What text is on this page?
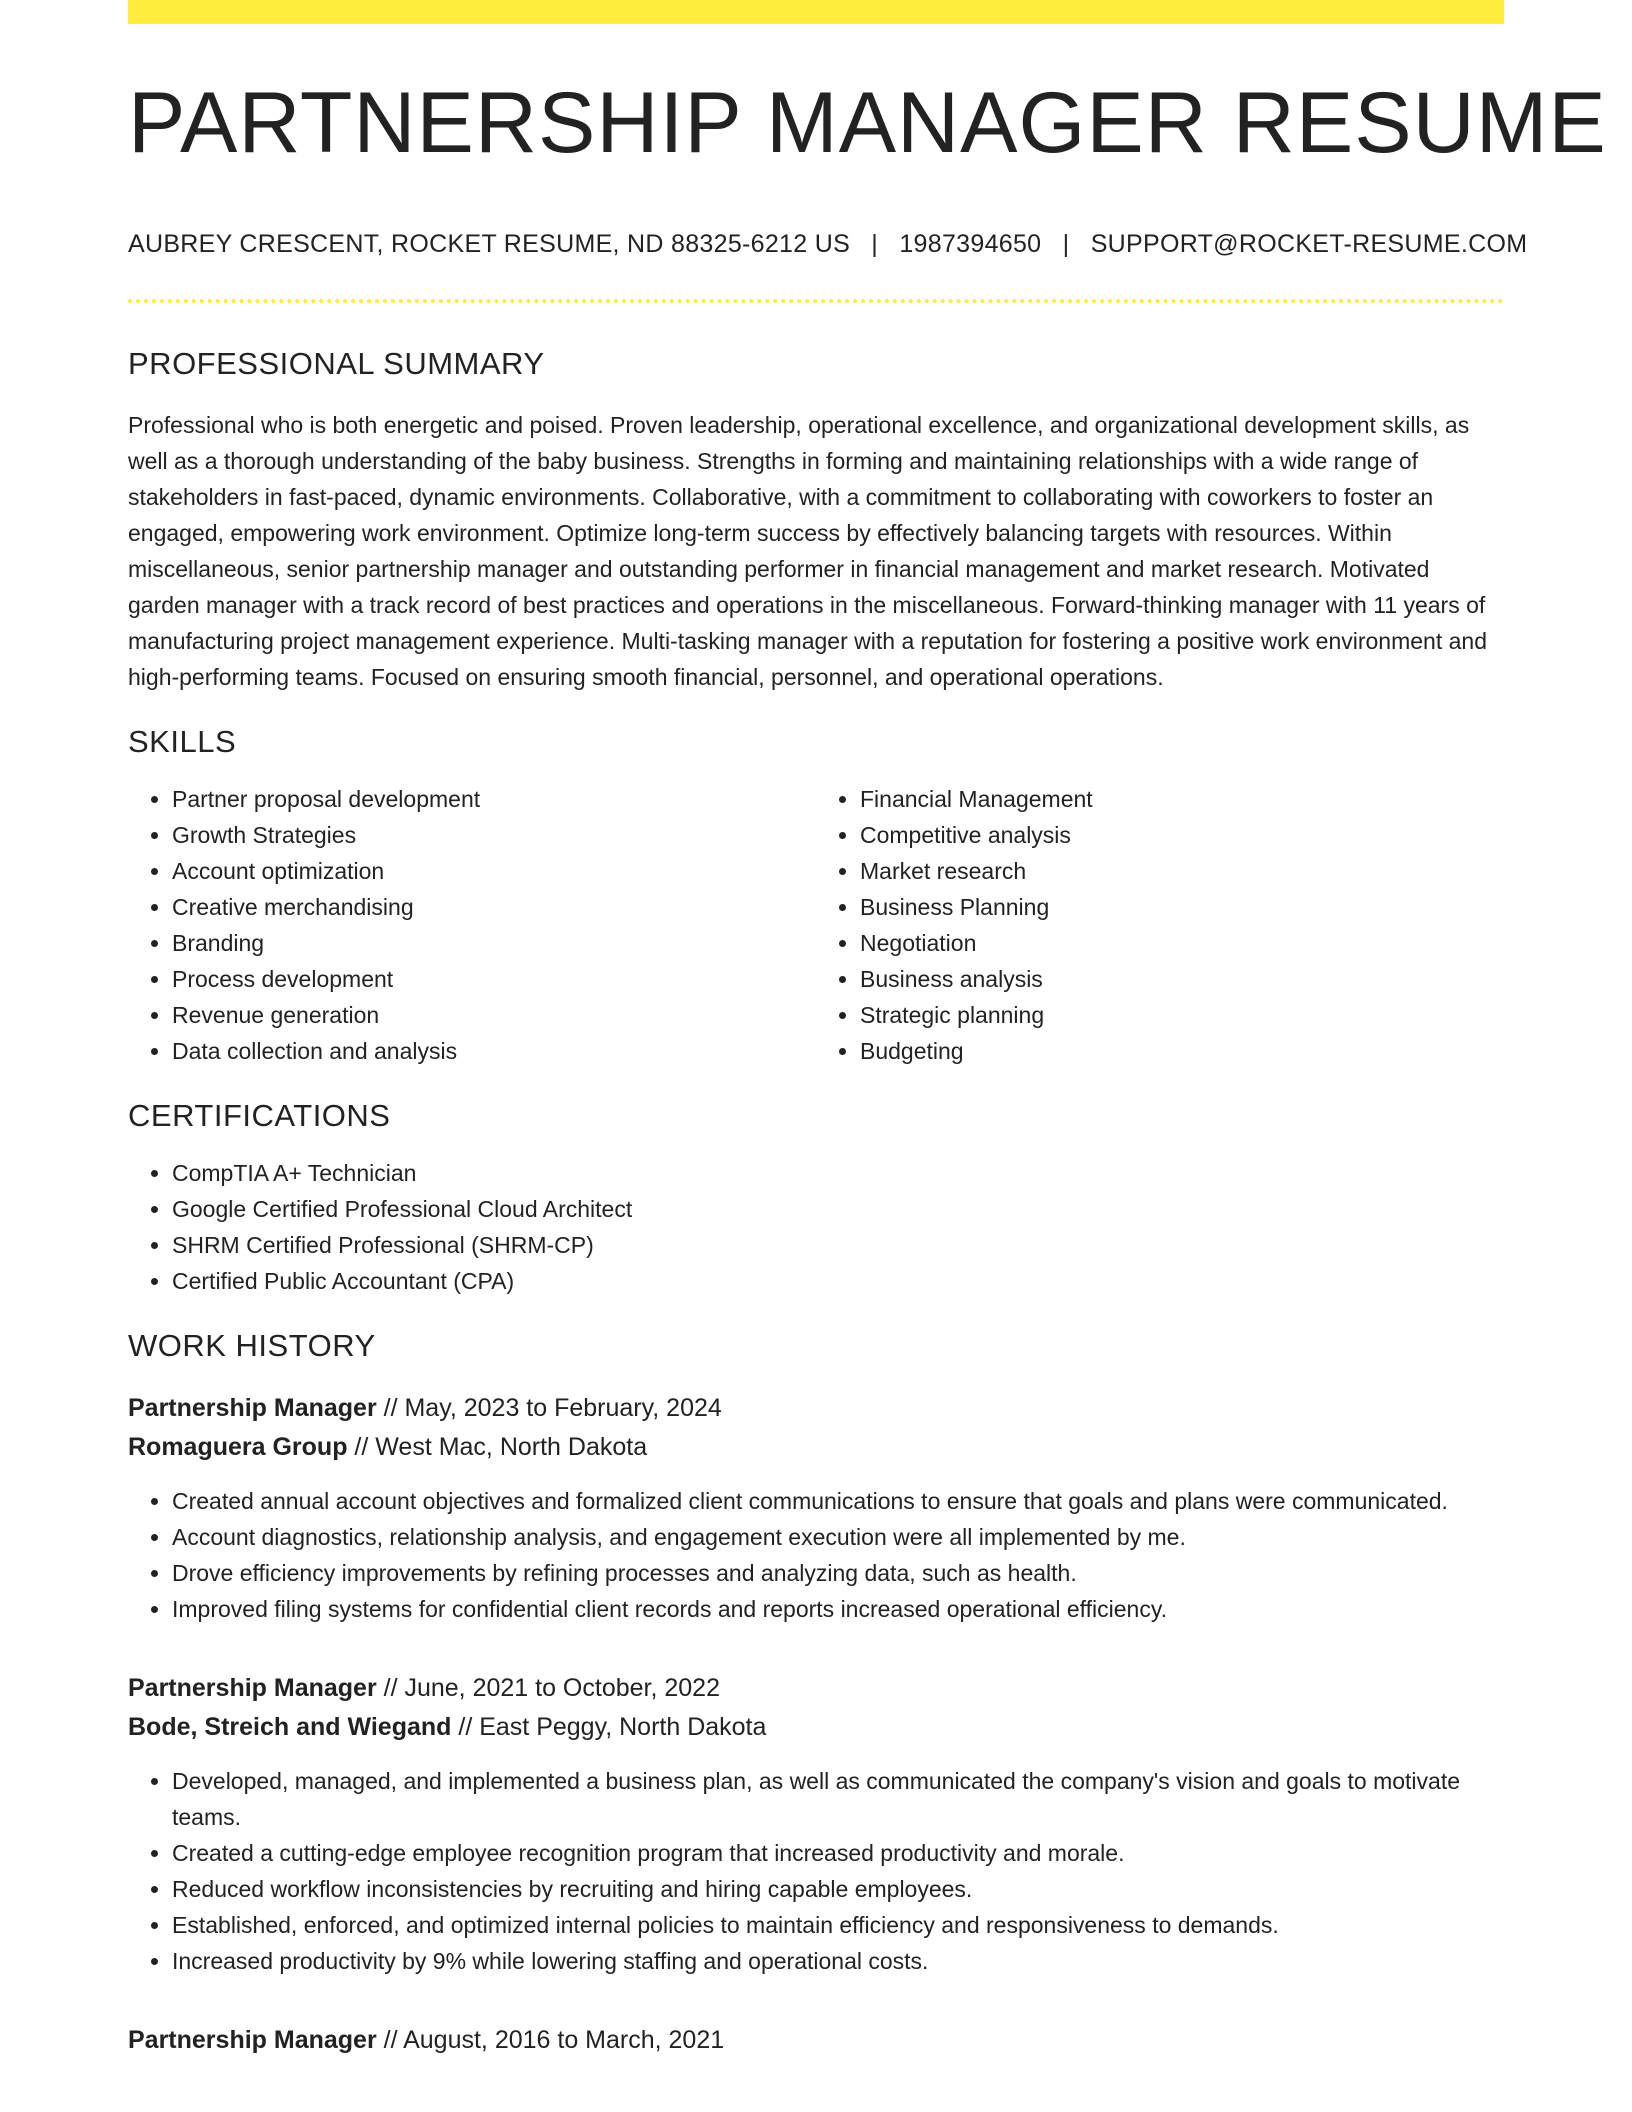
PARTNERSHIP MANAGER RESUME
AUBREY CRESCENT, ROCKET RESUME, ND 88325-6212 US | 1987394650 | SUPPORT@ROCKET-RESUME.COM
PROFESSIONAL SUMMARY

Professional who is both energetic and poised. Proven leadership, operational excellence, and organizational development skills, as well as a thorough understanding of the baby business. Strengths in forming and maintaining relationships with a wide range of stakeholders in fast-paced, dynamic environments. Collaborative, with a commitment to collaborating with coworkers to foster an engaged, empowering work environment. Optimize long-term success by effectively balancing targets with resources. Within miscellaneous, senior partnership manager and outstanding performer in financial management and market research. Motivated garden manager with a track record of best practices and operations in the miscellaneous. Forward-thinking manager with 11 years of manufacturing project management experience. Multi-tasking manager with a reputation for fostering a positive work environment and high-performing teams. Focused on ensuring smooth financial, personnel, and operational operations.

SKILLS
• Partner proposal development
• Growth Strategies
• Account optimization
• Creative merchandising
• Branding
• Process development
• Revenue generation
• Data collection and analysis
• Financial Management
• Competitive analysis
• Market research
• Business Planning
• Negotiation
• Business analysis
• Strategic planning
• Budgeting
CERTIFICATIONS
• CompTIA A+ Technician
• Google Certified Professional Cloud Architect
• SHRM Certified Professional (SHRM-CP)
• Certified Public Accountant (CPA)
WORK HISTORY
Partnership Manager // May, 2023 to February, 2024
Romaguera Group // West Mac, North Dakota
• Created annual account objectives and formalized client communications to ensure that goals and plans were communicated.
• Account diagnostics, relationship analysis, and engagement execution were all implemented by me.
• Drove efficiency improvements by refining processes and analyzing data, such as health.
• Improved filing systems for confidential client records and reports increased operational efficiency.
Partnership Manager // June, 2021 to October, 2022
Bode, Streich and Wiegand // East Peggy, North Dakota
• Developed, managed, and implemented a business plan, as well as communicated the company's vision and goals to motivate teams.
• Created a cutting-edge employee recognition program that increased productivity and morale.
• Reduced workflow inconsistencies by recruiting and hiring capable employees.
• Established, enforced, and optimized internal policies to maintain efficiency and responsiveness to demands.
• Increased productivity by 9% while lowering staffing and operational costs.
Partnership Manager // August, 2016 to March, 2021
